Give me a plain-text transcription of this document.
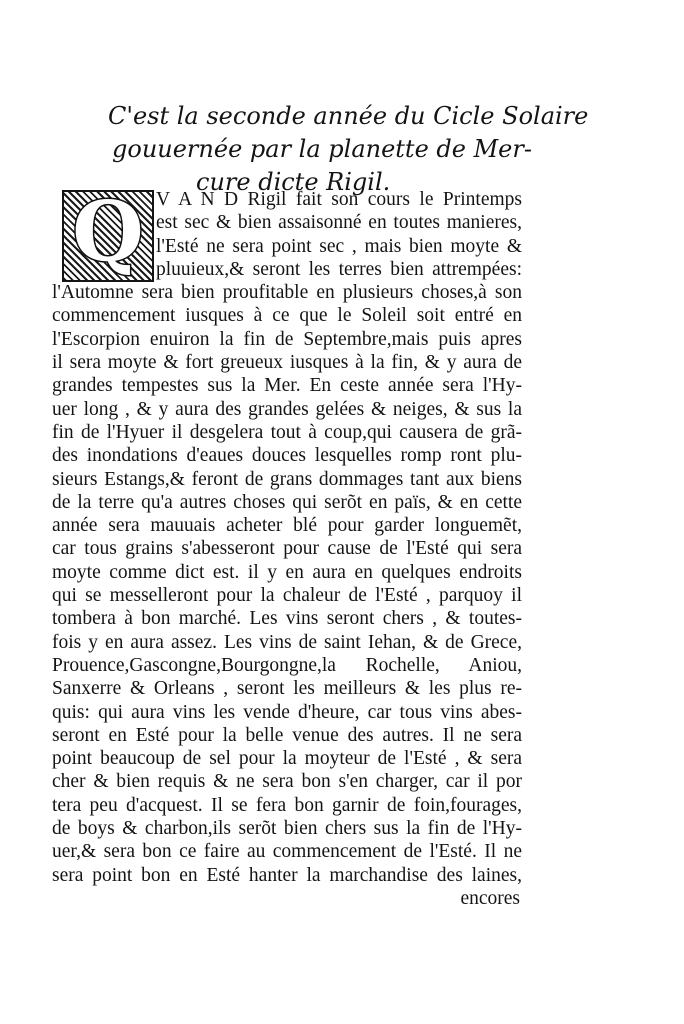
C'est la seconde année du Cicle Solaire
gouuernée par la planette de Mer-
cure dicte Rigil.
Q V A N D Rigil fait son cours le Printemps
est sec & bien assaisonné en toutes manieres,
l'Esté ne sera point sec , mais bien moyte &
pluuieux,& seront les terres bien attrempées:
l'Automne sera bien proufitable en plusieurs choses,à son
commencement iusques à ce que le Soleil soit entré en
l'Escorpion enuiron la fin de Septembre,mais puis apres
il sera moyte & fort greueux iusques à la fin, & y aura de
grandes tempestes sus la Mer. En ceste année sera l'Hy-
uer long , & y aura des grandes gelées & neiges, & sus la
fin de l'Hyuer il desgelera tout à coup,qui causera de grã-
des inondations d'eaues douces lesquelles romp ront plu-
sieurs Estangs,& feront de grans dommages tant aux biens
de la terre qu'a autres choses qui serõt en païs, & en cette
année sera mauuais acheter blé pour garder longuemẽt,
car tous grains s'abesseront pour cause de l'Esté qui sera
moyte comme dict est. il y en aura en quelques endroits
qui se messelleront pour la chaleur de l'Esté , parquoy il
tombera à bon marché. Les vins seront chers , & toutes-
fois y en aura assez. Les vins de saint Iehan, & de Grece,
Prouence,Gascongne,Bourgongne,la Rochelle, Aniou,
Sanxerre & Orleans , seront les meilleurs & les plus re-
quis: qui aura vins les vende d'heure, car tous vins abes-
seront en Esté pour la belle venue des autres. Il ne sera
point beaucoup de sel pour la moyteur de l'Esté , & sera
cher & bien requis & ne sera bon s'en charger, car il por
tera peu d'acquest. Il se fera bon garnir de foin,fourages,
de boys & charbon,ils serõt bien chers sus la fin de l'Hy-
uer,& sera bon ce faire au commencement de l'Esté. Il ne
sera point bon en Esté hanter la marchandise des laines,
encores
